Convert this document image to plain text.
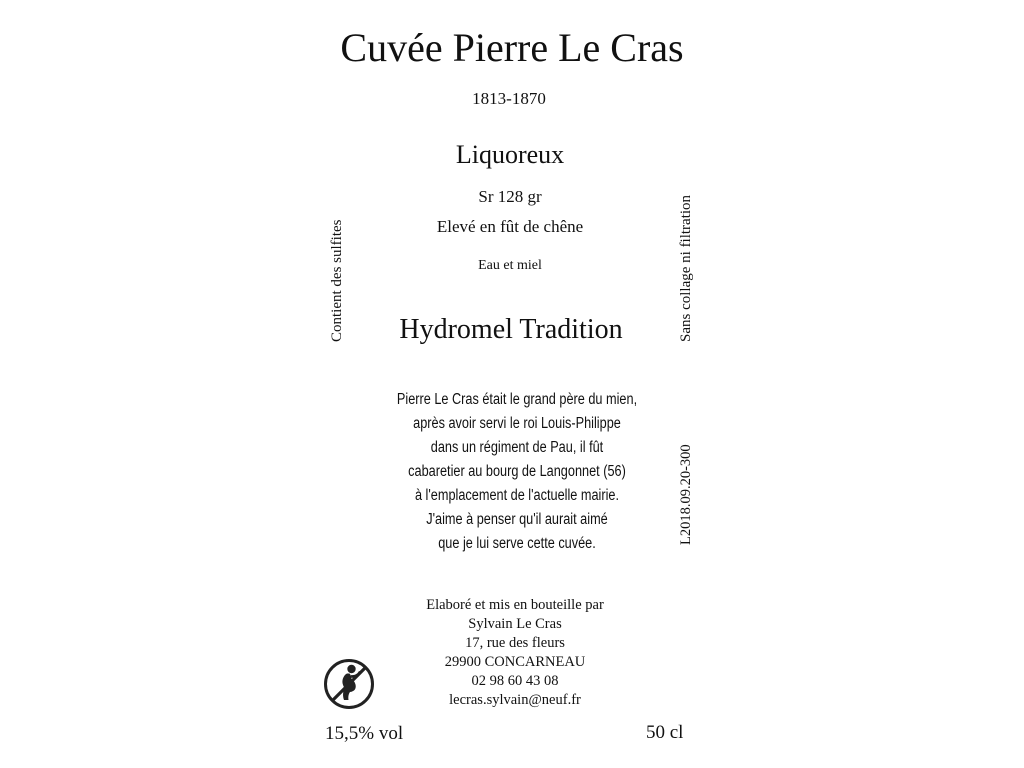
Cuvée Pierre Le Cras
1813-1870
Liquoreux
Sr 128 gr
Elevé en fût de chêne
Eau et miel
Hydromel Tradition
Pierre Le Cras était le grand père du mien,
après avoir servi le roi Louis-Philippe
dans un régiment de Pau, il fût
cabaretier au bourg de Langonnet (56)
à l'emplacement de l'actuelle mairie.
J'aime à penser qu'il aurait aimé
que je lui serve cette cuvée.
Elaboré et mis en bouteille par
Sylvain Le Cras
17, rue des fleurs
29900 CONCARNEAU
02 98 60 43 08
lecras.sylvain@neuf.fr
Contient des sulfites	Sans collage ni filtration
L2018.09.20-300
15,5% vol	50 cl
